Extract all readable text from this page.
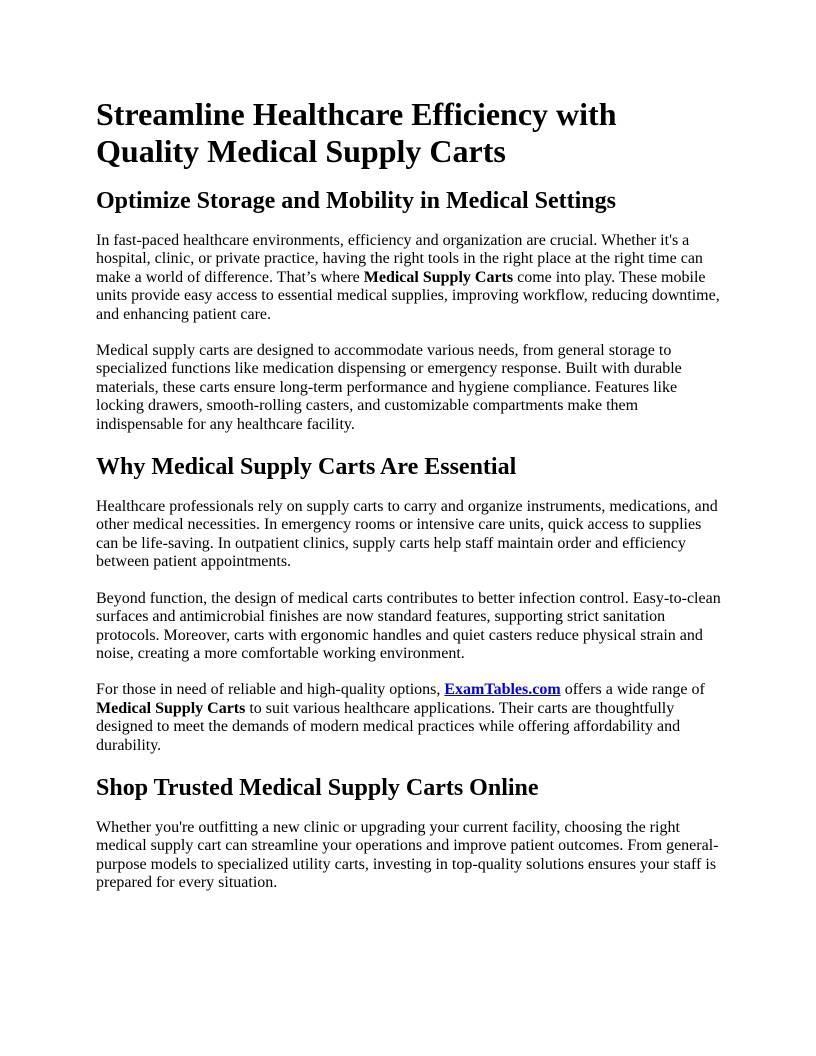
Streamline Healthcare Efficiency with Quality Medical Supply Carts
Optimize Storage and Mobility in Medical Settings

In fast-paced healthcare environments, efficiency and organization are crucial. Whether it's a hospital, clinic, or private practice, having the right tools in the right place at the right time can make a world of difference. That’s where Medical Supply Carts come into play. These mobile units provide easy access to essential medical supplies, improving workflow, reducing downtime, and enhancing patient care.

Medical supply carts are designed to accommodate various needs, from general storage to specialized functions like medication dispensing or emergency response. Built with durable materials, these carts ensure long-term performance and hygiene compliance. Features like locking drawers, smooth-rolling casters, and customizable compartments make them indispensable for any healthcare facility.

Why Medical Supply Carts Are Essential

Healthcare professionals rely on supply carts to carry and organize instruments, medications, and other medical necessities. In emergency rooms or intensive care units, quick access to supplies can be life-saving. In outpatient clinics, supply carts help staff maintain order and efficiency between patient appointments.

Beyond function, the design of medical carts contributes to better infection control. Easy-to-clean surfaces and antimicrobial finishes are now standard features, supporting strict sanitation protocols. Moreover, carts with ergonomic handles and quiet casters reduce physical strain and noise, creating a more comfortable working environment.

For those in need of reliable and high-quality options, ExamTables.com offers a wide range of Medical Supply Carts to suit various healthcare applications. Their carts are thoughtfully designed to meet the demands of modern medical practices while offering affordability and durability.

Shop Trusted Medical Supply Carts Online

Whether you're outfitting a new clinic or upgrading your current facility, choosing the right medical supply cart can streamline your operations and improve patient outcomes. From general-purpose models to specialized utility carts, investing in top-quality solutions ensures your staff is prepared for every situation.
